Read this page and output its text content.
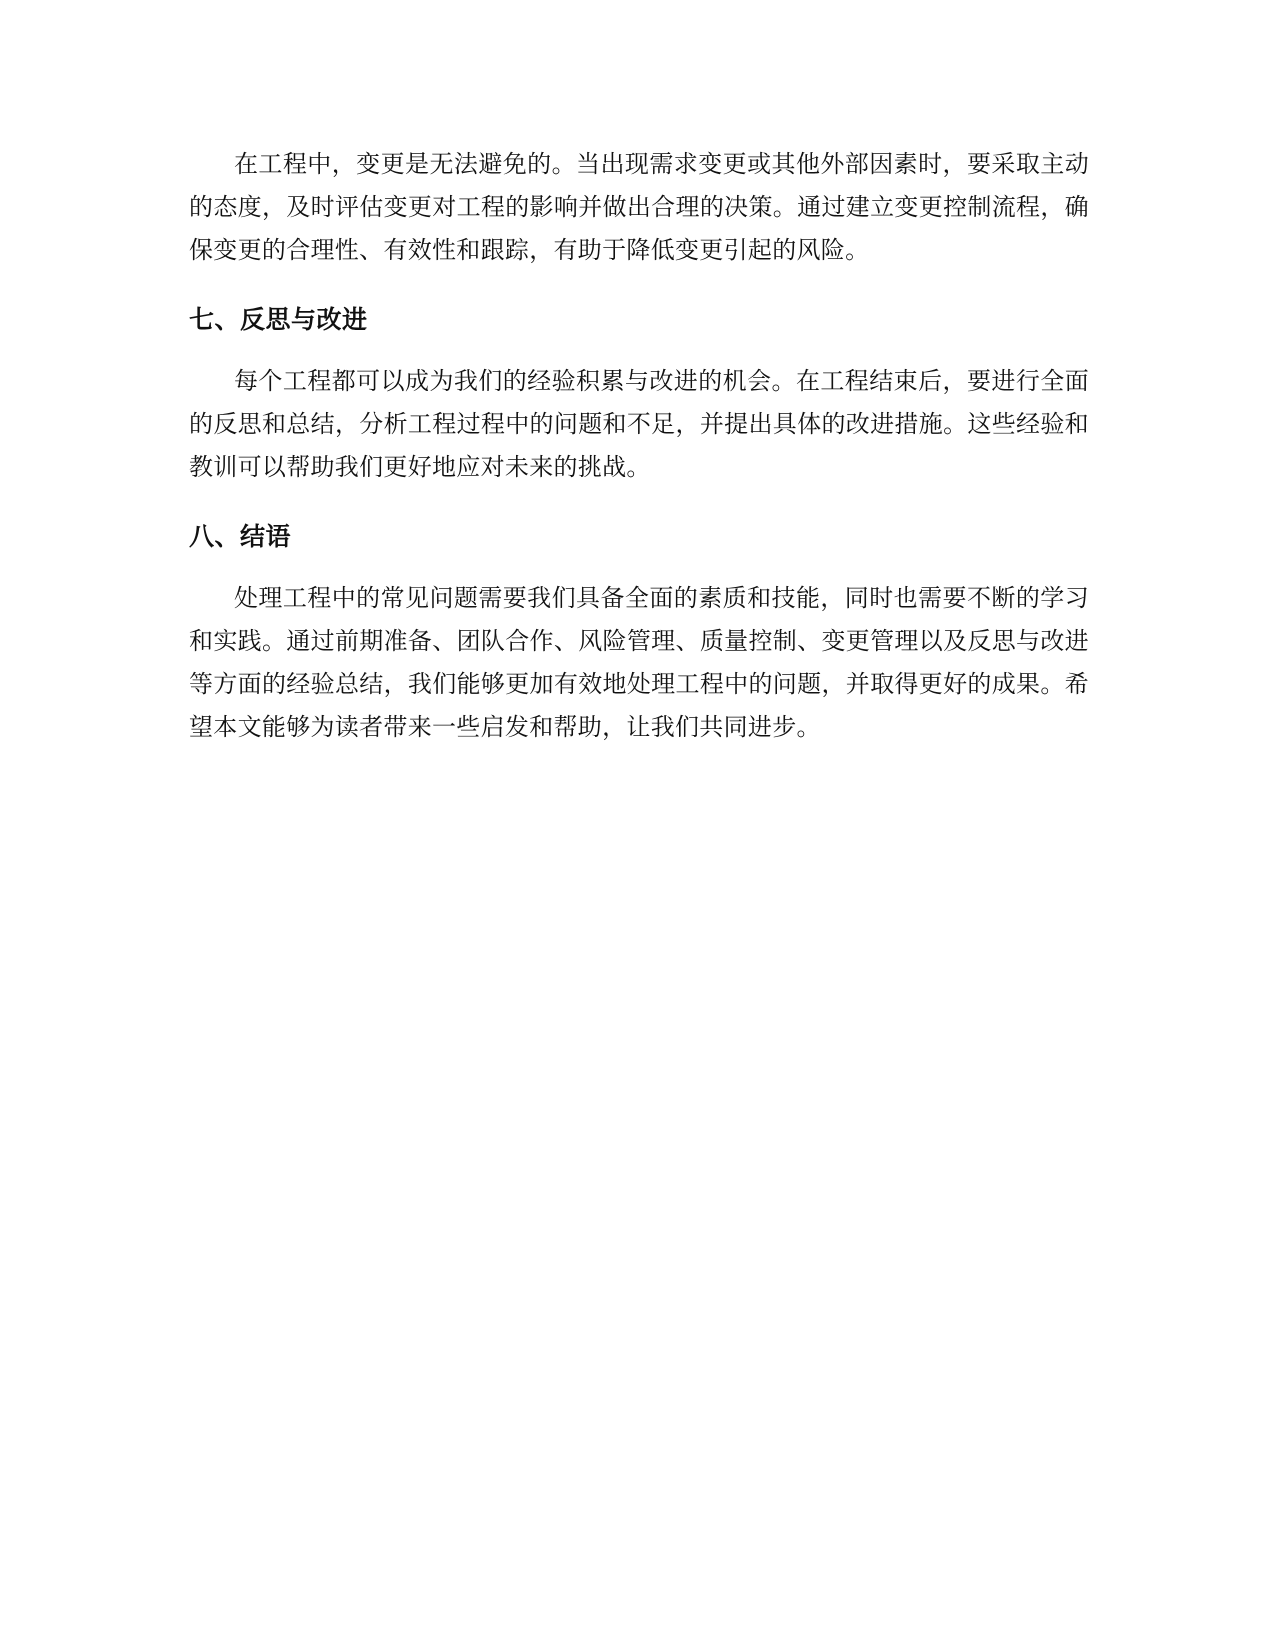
在工程中，变更是无法避免的。当出现需求变更或其他外部因素时，要采取主动的态度，及时评估变更对工程的影响并做出合理的决策。通过建立变更控制流程，确保变更的合理性、有效性和跟踪，有助于降低变更引起的风险。

七、反思与改进

每个工程都可以成为我们的经验积累与改进的机会。在工程结束后，要进行全面的反思和总结，分析工程过程中的问题和不足，并提出具体的改进措施。这些经验和教训可以帮助我们更好地应对未来的挑战。

八、结语

处理工程中的常见问题需要我们具备全面的素质和技能，同时也需要不断的学习和实践。通过前期准备、团队合作、风险管理、质量控制、变更管理以及反思与改进等方面的经验总结，我们能够更加有效地处理工程中的问题，并取得更好的成果。希望本文能够为读者带来一些启发和帮助，让我们共同进步。
